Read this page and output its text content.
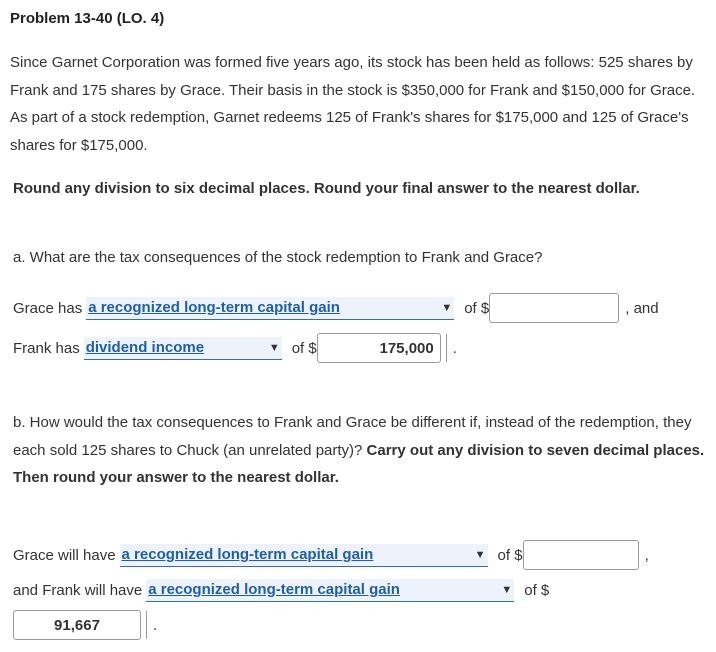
Problem 13-40 (LO. 4)
Since Garnet Corporation was formed five years ago, its stock has been held as follows: 525 shares by Frank and 175 shares by Grace. Their basis in the stock is $350,000 for Frank and $150,000 for Grace. As part of a stock redemption, Garnet redeems 125 of Frank's shares for $175,000 and 125 of Grace's shares for $175,000.
Round any division to six decimal places. Round your final answer to the nearest dollar.
a. What are the tax consequences of the stock redemption to Frank and Grace?
Grace has a recognized long-term capital gain	▼ of $	, and
Frank has dividend income	▼ of $	175,000	.
b. How would the tax consequences to Frank and Grace be different if, instead of the redemption, they each sold 125 shares to Chuck (an unrelated party)? Carry out any division to seven decimal places. Then round your answer to the nearest dollar.
Grace will have a recognized long-term capital gain	▼ of $	,
and Frank will have a recognized long-term capital gain	▼ of $
91,667	.
